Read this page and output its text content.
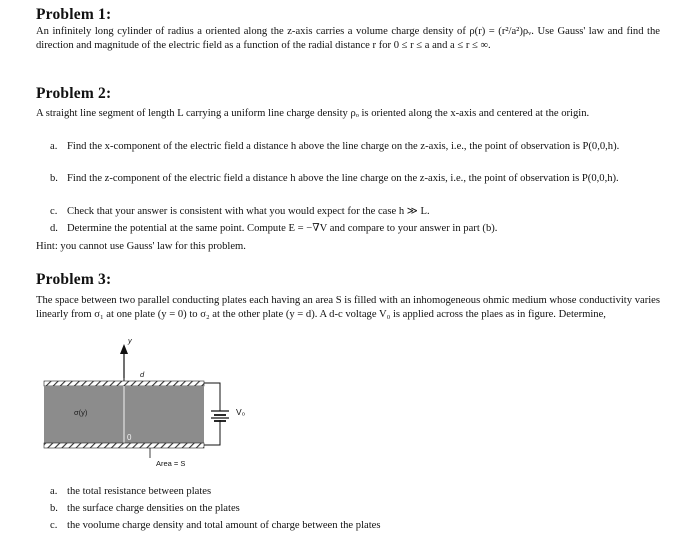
Problem 1:
An infinitely long cylinder of radius a oriented along the z-axis carries a volume charge density of ρ(r) = (r²/a²)ρᵥ. Use Gauss' law and find the direction and magnitude of the electric field as a function of the radial distance r for 0 ≤ r ≤ a and a ≤ r ≤ ∞.
Problem 2:
A straight line segment of length L carrying a uniform line charge density ρₒ is oriented along the x-axis and centered at the origin.
a. Find the x-component of the electric field a distance h above the line charge on the z-axis, i.e., the point of observation is P(0,0,h).
b. Find the z-component of the electric field a distance h above the line charge on the z-axis, i.e., the point of observation is P(0,0,h).
c. Check that your answer is consistent with what you would expect for the case h ≫ L.
d. Determine the potential at the same point. Compute E = −∇V and compare to your answer in part (b).
Hint: you cannot use Gauss' law for this problem.
Problem 3:
The space between two parallel conducting plates each having an area S is filled with an inhomogeneous ohmic medium whose conductivity varies linearly from σ₁ at one plate (y = 0) to σ₂ at the other plate (y = d). A d-c voltage V₀ is applied across the plaes as in figure. Determine,
y
d
σ(y)
0
V₀
Area = S
a. the total resistance between plates
b. the surface charge densities on the plates
c. the voolume charge density and total amount of charge between the plates
